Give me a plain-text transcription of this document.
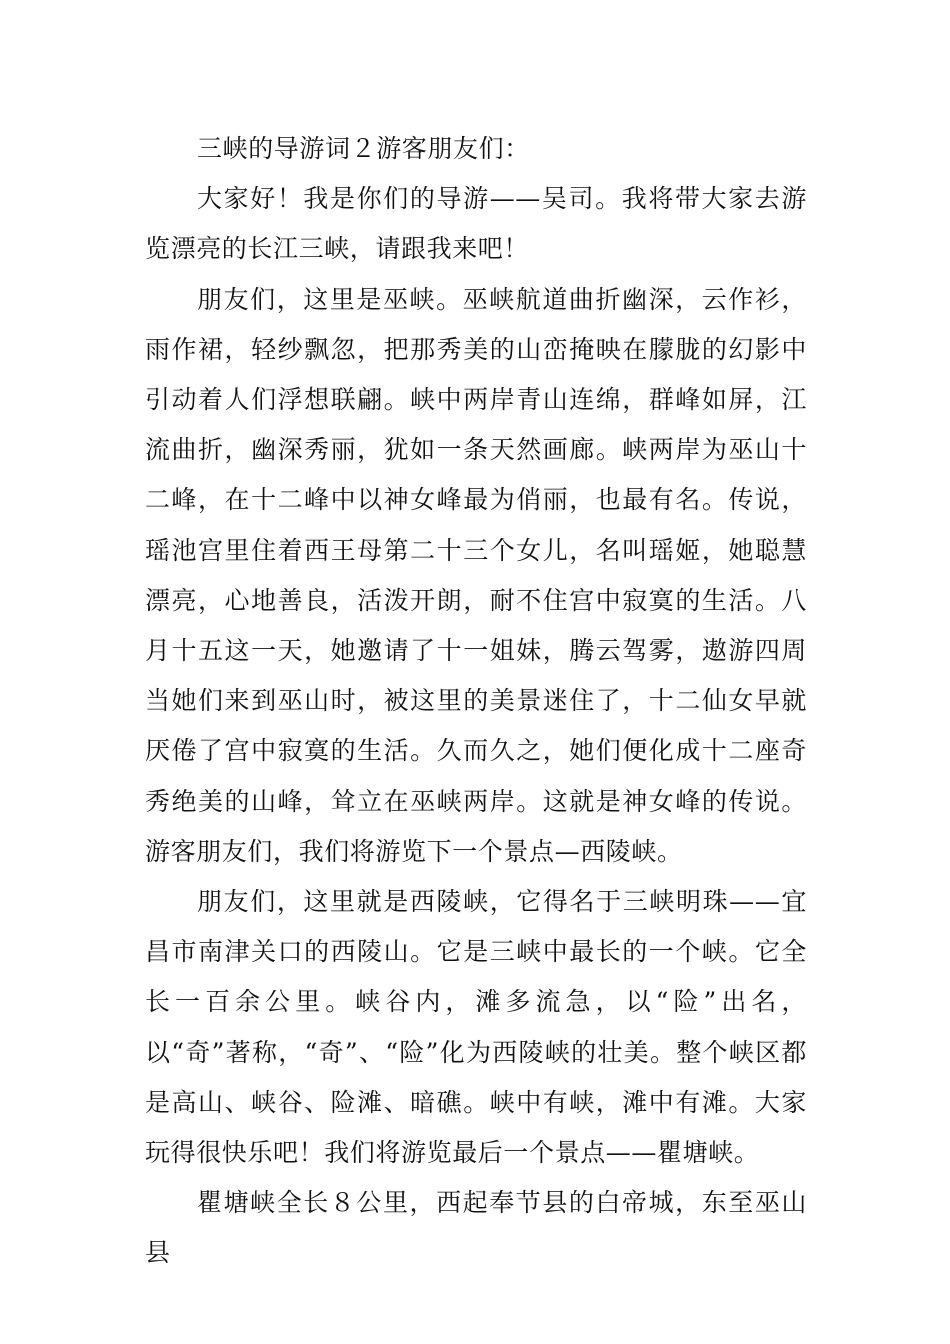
三峡的导游词２游客朋友们：

大家好！我是你们的导游——吴司。我将带大家去游览漂亮的长江三峡，请跟我来吧！

朋友们，这里是巫峡。巫峡航道曲折幽深，云作衫，雨作裙，轻纱飘忽，把那秀美的山峦掩映在朦胧的幻影中引动着人们浮想联翩。峡中两岸青山连绵，群峰如屏，江流曲折，幽深秀丽，犹如一条天然画廊。峡两岸为巫山十二峰，在十二峰中以神女峰最为俏丽，也最有名。传说，瑶池宫里住着西王母第二十三个女儿，名叫瑶姬，她聪慧漂亮，心地善良，活泼开朗，耐不住宫中寂寞的生活。八月十五这一天，她邀请了十一姐妹，腾云驾雾，遨游四周当她们来到巫山时，被这里的美景迷住了，十二仙女早就厌倦了宫中寂寞的生活。久而久之，她们便化成十二座奇秀绝美的山峰，耸立在巫峡两岸。这就是神女峰的传说。游客朋友们，我们将游览下一个景点—西陵峡。

朋友们，这里就是西陵峡，它得名于三峡明珠——宜昌市南津关口的西陵山。它是三峡中最长的一个峡。它全长一百余公里。峡谷内，滩多流急，以“险”出名，以“奇”著称，“奇”、“险”化为西陵峡的壮美。整个峡区都是高山、峡谷、险滩、暗礁。峡中有峡，滩中有滩。大家玩得很快乐吧！我们将游览最后一个景点——瞿塘峡。

瞿塘峡全长８公里，西起奉节县的白帝城，东至巫山县
